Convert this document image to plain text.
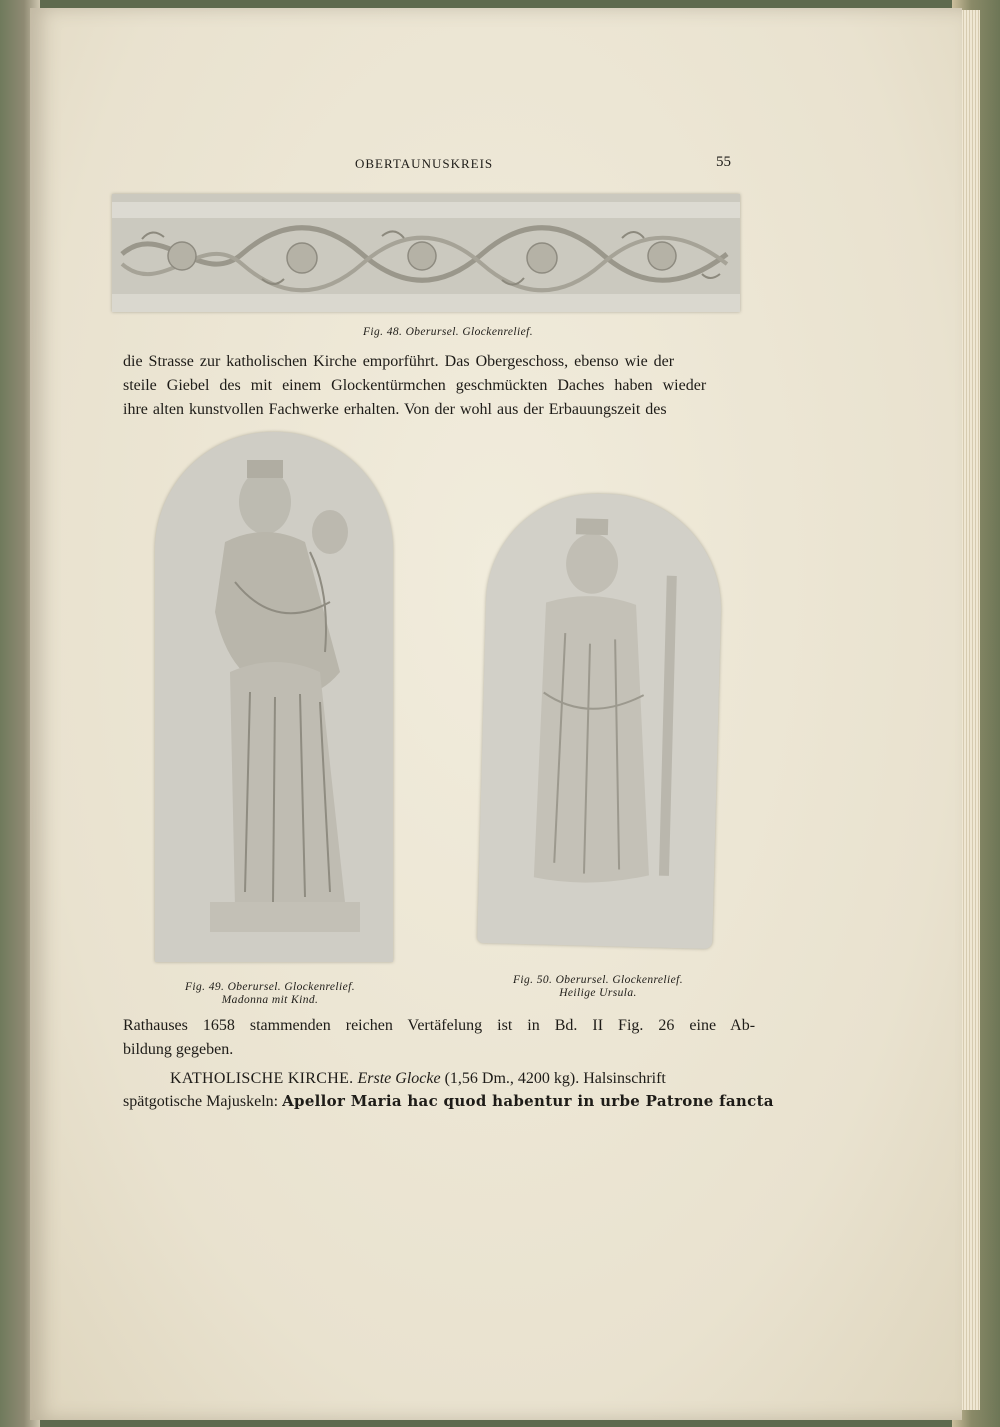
OBERTAUNUSKREIS	55
Fig. 48. Oberursel. Glockenrelief.
die Strasse zur katholischen Kirche emporführt. Das Obergeschoss, ebenso wie der
steile Giebel des mit einem Glockentürmchen geschmückten Daches haben wieder
ihre alten kunstvollen Fachwerke erhalten. Von der wohl aus der Erbauungszeit des
Fig. 49. Oberursel. Glockenrelief.
Madonna mit Kind.
Fig. 50. Oberursel. Glockenrelief.
Heilige Ursula.
Rathauses 1658 stammenden reichen Vertäfelung ist in Bd. II Fig. 26 eine Ab-
bildung gegeben.
KATHOLISCHE KIRCHE. Erste Glocke (1,56 Dm., 4200 kg). Halsinschrift
spätgotische Majuskeln: Apellor Maria hac quod habentur in urbe Patrone fancta
